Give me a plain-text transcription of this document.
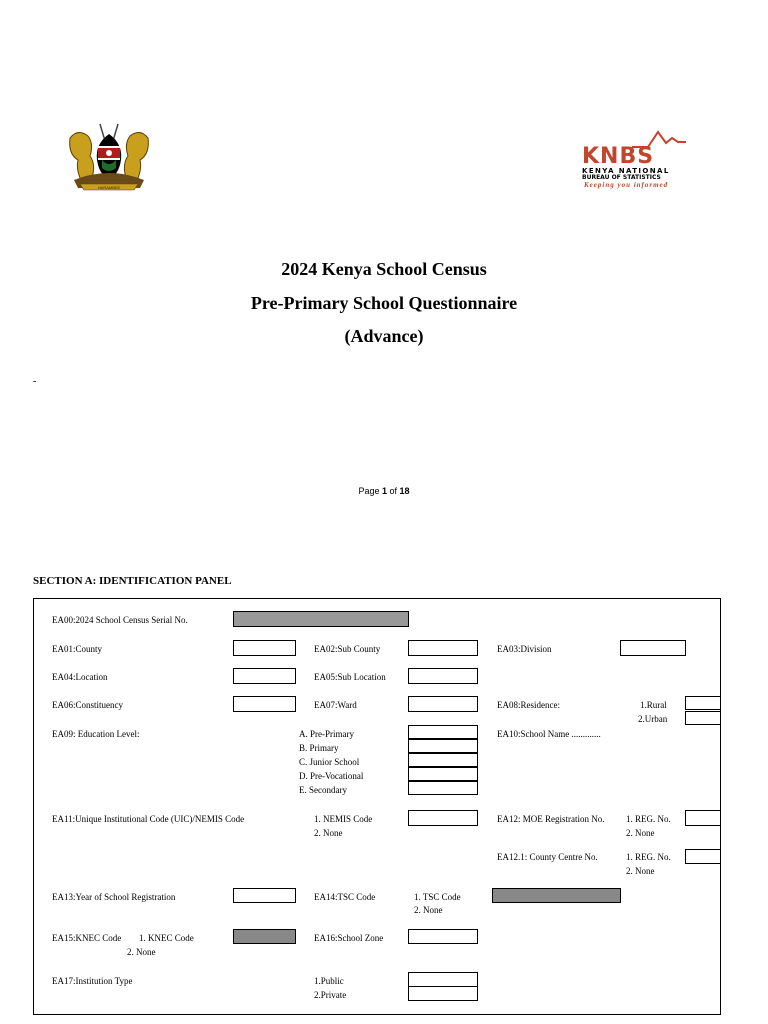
HARAMBEE
KNBS
KENYA NATIONAL
BUREAU OF STATISTICS
Keeping you informed
2024 Kenya School Census
Pre-Primary School Questionnaire
(Advance)
-
Page 1 of 18
SECTION A: IDENTIFICATION PANEL
EA00:2024 School Census Serial No.
EA01:County	EA02:Sub County	EA03:Division
EA04:Location	EA05:Sub Location
EA06:Constituency	EA07:Ward	EA08:Residence:	1.Rural
2.Urban
EA09: Education Level:	A. Pre-Primary
B. Primary
C. Junior School
D. Pre-Vocational
E. Secondary
EA10:School Name .............
EA11:Unique Institutional Code (UIC)/NEMIS Code	1. NEMIS Code
2. None
EA12: MOE Registration No. 1. REG. No.
2. None
EA12.1: County Centre No.	1. REG. No.
2. None
EA13:Year of School Registration	EA14:TSC Code	1. TSC Code
2. None
EA15:KNEC Code 1. KNEC Code
2. None
EA16:School Zone
EA17:Institution Type	1.Public
2.Private
